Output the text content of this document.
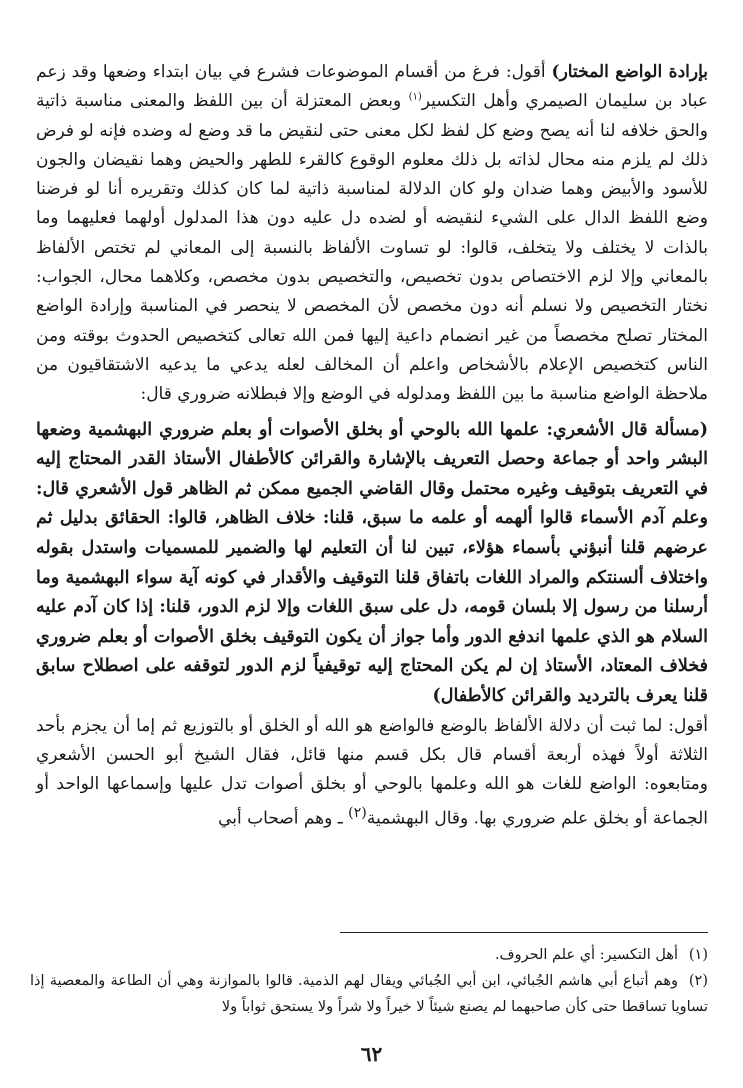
بإرادة الواضع المختار) أقول: فرغ من أقسام الموضوعات فشرع في بيان ابتداء وضعها وقد زعم عباد بن سليمان الصيمري وأهل التكسير$^{(١)}$ وبعض المعتزلة أن بين اللفظ والمعنى مناسبة ذاتية والحق خلافه لنا أنه يصح وضع كل لفظ لكل معنى حتى لنقيض ما قد وضع له وضده فإنه لو فرض ذلك لم يلزم منه محال لذاته بل ذلك معلوم الوقوع كالقرء للطهر والحيض وهما نقيضان والجون للأسود والأبيض وهما ضدان ولو كان الدلالة لمناسبة ذاتية لما كان كذلك وتقريره أنا لو فرضنا وضع اللفظ الدال على الشيء لنقيضه أو لضده دل عليه دون هذا المدلول أولهما فعليهما وما بالذات لا يختلف ولا يتخلف، قالوا: لو تساوت الألفاظ بالنسبة إلى المعاني لم تختص الألفاظ بالمعاني وإلا لزم الاختصاص بدون تخصيص، والتخصيص بدون مخصص، وكلاهما محال، الجواب: نختار التخصيص ولا نسلم أنه دون مخصص لأن المخصص لا ينحصر في المناسبة وإرادة الواضع المختار تصلح مخصصاً من غير انضمام داعية إليها فمن الله تعالى كتخصيص الحدوث بوقته ومن الناس كتخصيص الإعلام بالأشخاص واعلم أن المخالف لعله يدعي ما يدعيه الاشتقاقيون من ملاحظة الواضع مناسبة ما بين اللفظ ومدلوله في الوضع وإلا فبطلانه ضروري قال:

(مسألة قال الأشعري: علمها الله بالوحي أو بخلق الأصوات أو بعلم ضروري البهشمية وضعها البشر واحد أو جماعة وحصل التعريف بالإشارة والقرائن كالأطفال الأستاذ القدر المحتاج إليه في التعريف بتوقيف وغيره محتمل وقال القاضي الجميع ممكن ثم الظاهر قول الأشعري قال: وعلم آدم الأسماء قالوا ألهمه أو علمه ما سبق، قلنا: خلاف الظاهر، قالوا: الحقائق بدليل ثم عرضهم قلنا أنبؤني بأسماء هؤلاء، تبين لنا أن التعليم لها والضمير للمسميات واستدل بقوله واختلاف ألسنتكم والمراد اللغات باتفاق قلنا التوقيف والأقدار في كونه آية سواء البهشمية وما أرسلنا من رسول إلا بلسان قومه، دل على سبق اللغات وإلا لزم الدور، قلنا: إذا كان آدم عليه السلام هو الذي علمها اندفع الدور وأما جواز أن يكون التوقيف بخلق الأصوات أو بعلم ضروري فخلاف المعتاد، الأستاذ إن لم يكن المحتاج إليه توقيفياً لزم الدور لتوقفه على اصطلاح سابق قلنا يعرف بالترديد والقرائن كالأطفال)

أقول: لما ثبت أن دلالة الألفاظ بالوضع فالواضع هو الله أو الخلق أو بالتوزيع ثم إما أن يجزم بأحد الثلاثة أولاً فهذه أربعة أقسام قال بكل قسم منها قائل، فقال الشيخ أبو الحسن الأشعري ومتابعوه: الواضع للغات هو الله وعلمها بالوحي أو بخلق أصوات تدل عليها وإسماعها الواحد أو الجماعة أو بخلق علم ضروري بها. وقال البهشمية$^{(٢)}$ ـ وهم أصحاب أبي

(١)أهل التكسير: أي علم الحروف.

(٢)وهم أتباع أبي هاشم الجُبائي، ابن أبي الجُبائي ويقال لهم الذمية. قالوا بالموازنة وهي أن الطاعة والمعصية إذا تساويا تساقطا حتى كأن صاحبهما لم يصنع شيئاً لا خيراً ولا شراً ولا يستحق ثواباً ولا

٦٢
